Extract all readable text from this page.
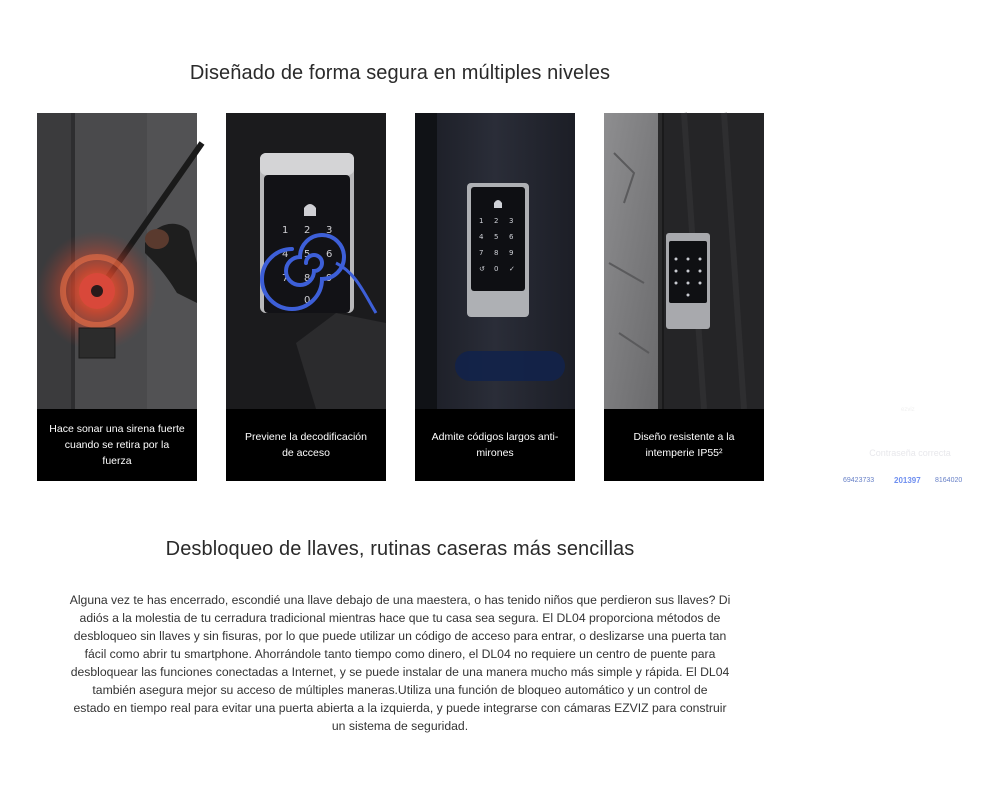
Diseñado de forma segura en múltiples niveles
Hace sonar una sirena fuerte cuando se retira por la fuerza
1 2 3
4 5 6
7 8 9
0
Previene la decodificación de acceso
1 2 3
4 5 6
7 8 9
↺ 0 ✓
ezviz
Contraseña correcta
69423733 201397 8164020
Admite códigos largos anti-mirones
Diseño resistente a la intemperie IP55²
Desbloqueo de llaves, rutinas caseras más sencillas
Alguna vez te has encerrado, escondié una llave debajo de una maestera, o has tenido niños que perdieron sus llaves? Di
adiós a la molestia de tu cerradura tradicional mientras hace que tu casa sea segura. El DL04 proporciona métodos de
desbloqueo sin llaves y sin fisuras, por lo que puede utilizar un código de acceso para entrar, o deslizarse una puerta tan
fácil como abrir tu smartphone. Ahorrándole tanto tiempo como dinero, el DL04 no requiere un centro de puente para
desbloquear las funciones conectadas a Internet, y se puede instalar de una manera mucho más simple y rápida. El DL04
también asegura mejor su acceso de múltiples maneras.Utiliza una función de bloqueo automático y un control de
estado en tiempo real para evitar una puerta abierta a la izquierda, y puede integrarse con cámaras EZVIZ para construir
un sistema de seguridad.
